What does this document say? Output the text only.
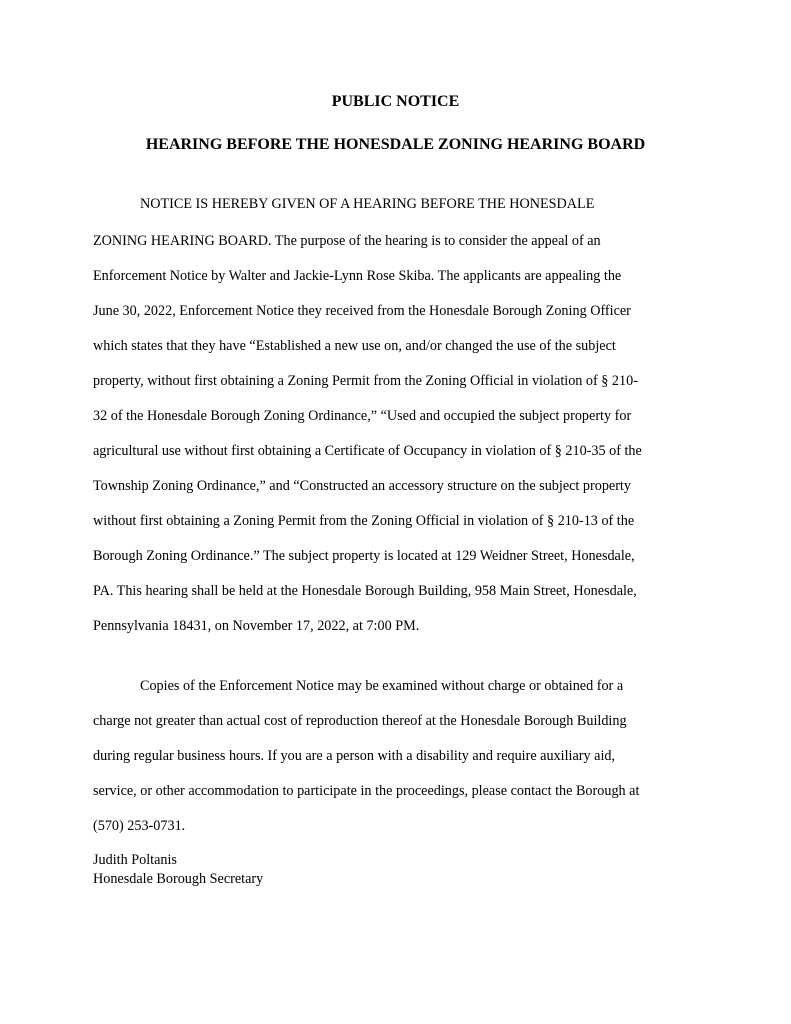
PUBLIC NOTICE
HEARING BEFORE THE HONESDALE ZONING HEARING BOARD

NOTICE IS HEREBY GIVEN OF A HEARING BEFORE THE HONESDALE

ZONING HEARING BOARD. The purpose of the hearing is to consider the appeal of an

Enforcement Notice by Walter and Jackie-Lynn Rose Skiba. The applicants are appealing the

June 30, 2022, Enforcement Notice they received from the Honesdale Borough Zoning Officer

which states that they have “Established a new use on, and/or changed the use of the subject

property, without first obtaining a Zoning Permit from the Zoning Official in violation of § 210-

32 of the Honesdale Borough Zoning Ordinance,” “Used and occupied the subject property for

agricultural use without first obtaining a Certificate of Occupancy in violation of § 210-35 of the

Township Zoning Ordinance,” and “Constructed an accessory structure on the subject property

without first obtaining a Zoning Permit from the Zoning Official in violation of § 210-13 of the

Borough Zoning Ordinance.” The subject property is located at 129 Weidner Street, Honesdale,

PA. This hearing shall be held at the Honesdale Borough Building, 958 Main Street, Honesdale,

Pennsylvania 18431, on November 17, 2022, at 7:00 PM.

Copies of the Enforcement Notice may be examined without charge or obtained for a

charge not greater than actual cost of reproduction thereof at the Honesdale Borough Building

during regular business hours. If you are a person with a disability and require auxiliary aid,

service, or other accommodation to participate in the proceedings, please contact the Borough at

(570) 253-0731.

Judith Poltanis

Honesdale Borough Secretary
